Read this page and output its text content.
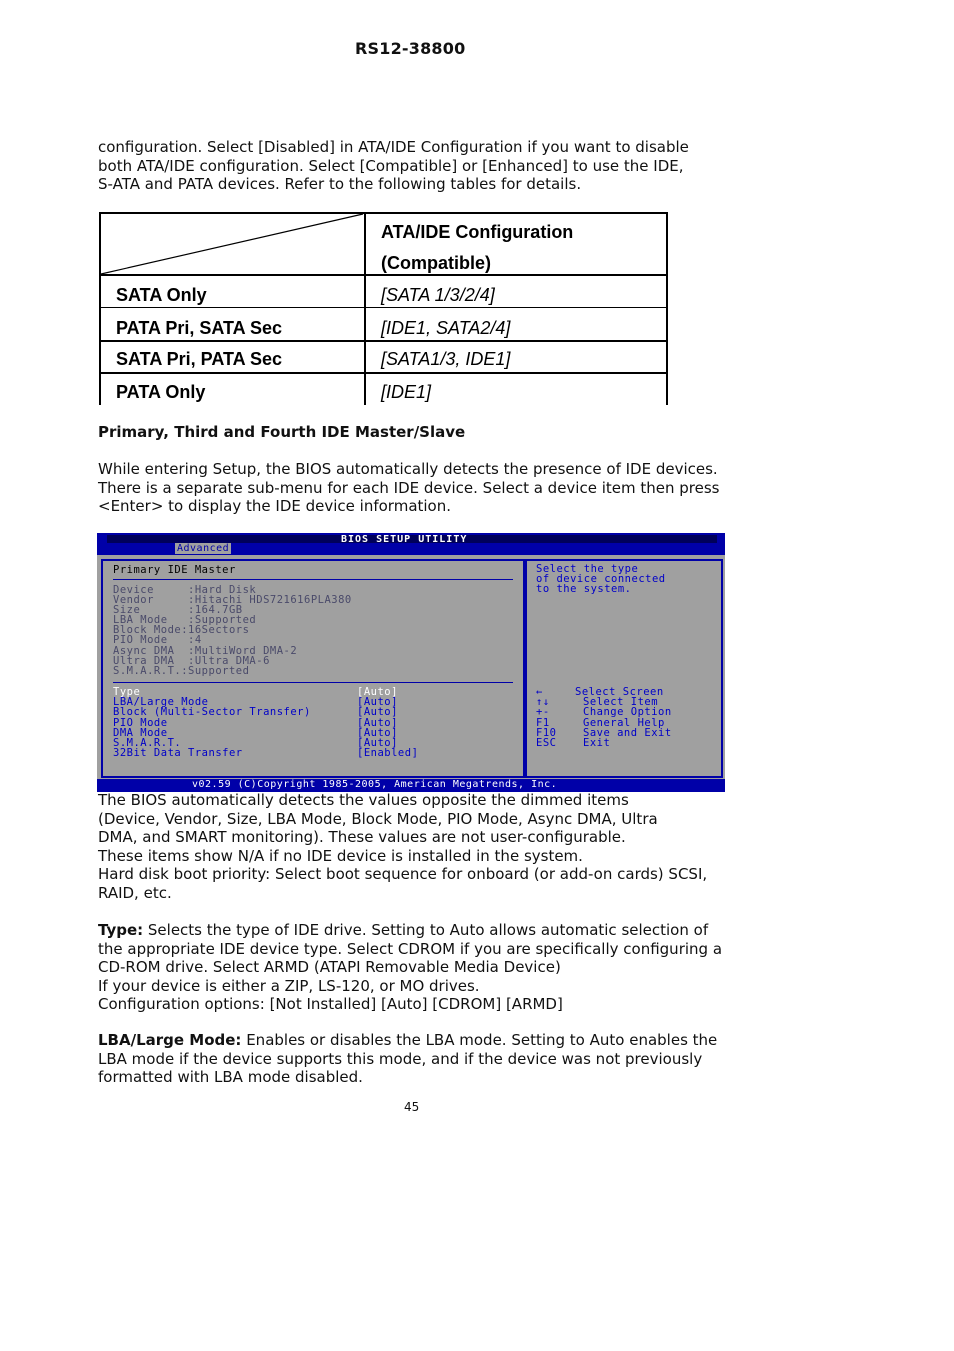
RS12-38800
configuration. Select [Disabled] in ATA/IDE Configuration if you want to disable
both ATA/IDE configuration. Select [Compatible] or [Enhanced] to use the IDE,
S-ATA and PATA devices. Refer to the following tables for details.
ATA/IDE Configuration
(Compatible)
SATA Only	[SATA 1/3/2/4]
PATA Pri, SATA Sec	[IDE1, SATA2/4]
SATA Pri, PATA Sec	[SATA1/3, IDE1]
PATA Only	[IDE1]
Primary, Third and Fourth IDE Master/Slave
While entering Setup, the BIOS automatically detects the presence of IDE devices.
There is a separate sub-menu for each IDE device. Select a device item then press
<Enter> to display the IDE device information.
BIOS SETUP UTILITY
Advanced
Primary IDE Master
Device     :Hard Disk
Vendor     :Hitachi HDS721616PLA380
Size       :164.7GB
LBA Mode   :Supported
Block Mode:16Sectors
PIO Mode   :4
Async DMA  :MultiWord DMA-2
Ultra DMA  :Ultra DMA-6
S.M.A.R.T.:Supported
Type	[Auto]
LBA/Large Mode	[Auto]
Block (Multi-Sector Transfer)	[Auto]
PIO Mode	[Auto]
DMA Mode	[Auto]
S.M.A.R.T.	[Auto]
32Bit Data Transfer	[Enabled]
Select the type
of device connected
to the system.
←	Select Screen
↑↓	Select Item
+-	Change Option
F1	General Help
F10	Save and Exit
ESC	Exit
v02.59 (C)Copyright 1985-2005, American Megatrends, Inc.
The BIOS automatically detects the values opposite the dimmed items
(Device, Vendor, Size, LBA Mode, Block Mode, PIO Mode, Async DMA, Ultra
DMA, and SMART monitoring). These values are not user-configurable.
These items show N/A if no IDE device is installed in the system.
Hard disk boot priority: Select boot sequence for onboard (or add-on cards) SCSI,
RAID, etc.
Type: Selects the type of IDE drive. Setting to Auto allows automatic selection of
the appropriate IDE device type. Select CDROM if you are specifically configuring a
CD-ROM drive. Select ARMD (ATAPI Removable Media Device)
If your device is either a ZIP, LS-120, or MO drives.
Configuration options: [Not Installed] [Auto] [CDROM] [ARMD]
LBA/Large Mode: Enables or disables the LBA mode. Setting to Auto enables the
LBA mode if the device supports this mode, and if the device was not previously
formatted with LBA mode disabled.
45
